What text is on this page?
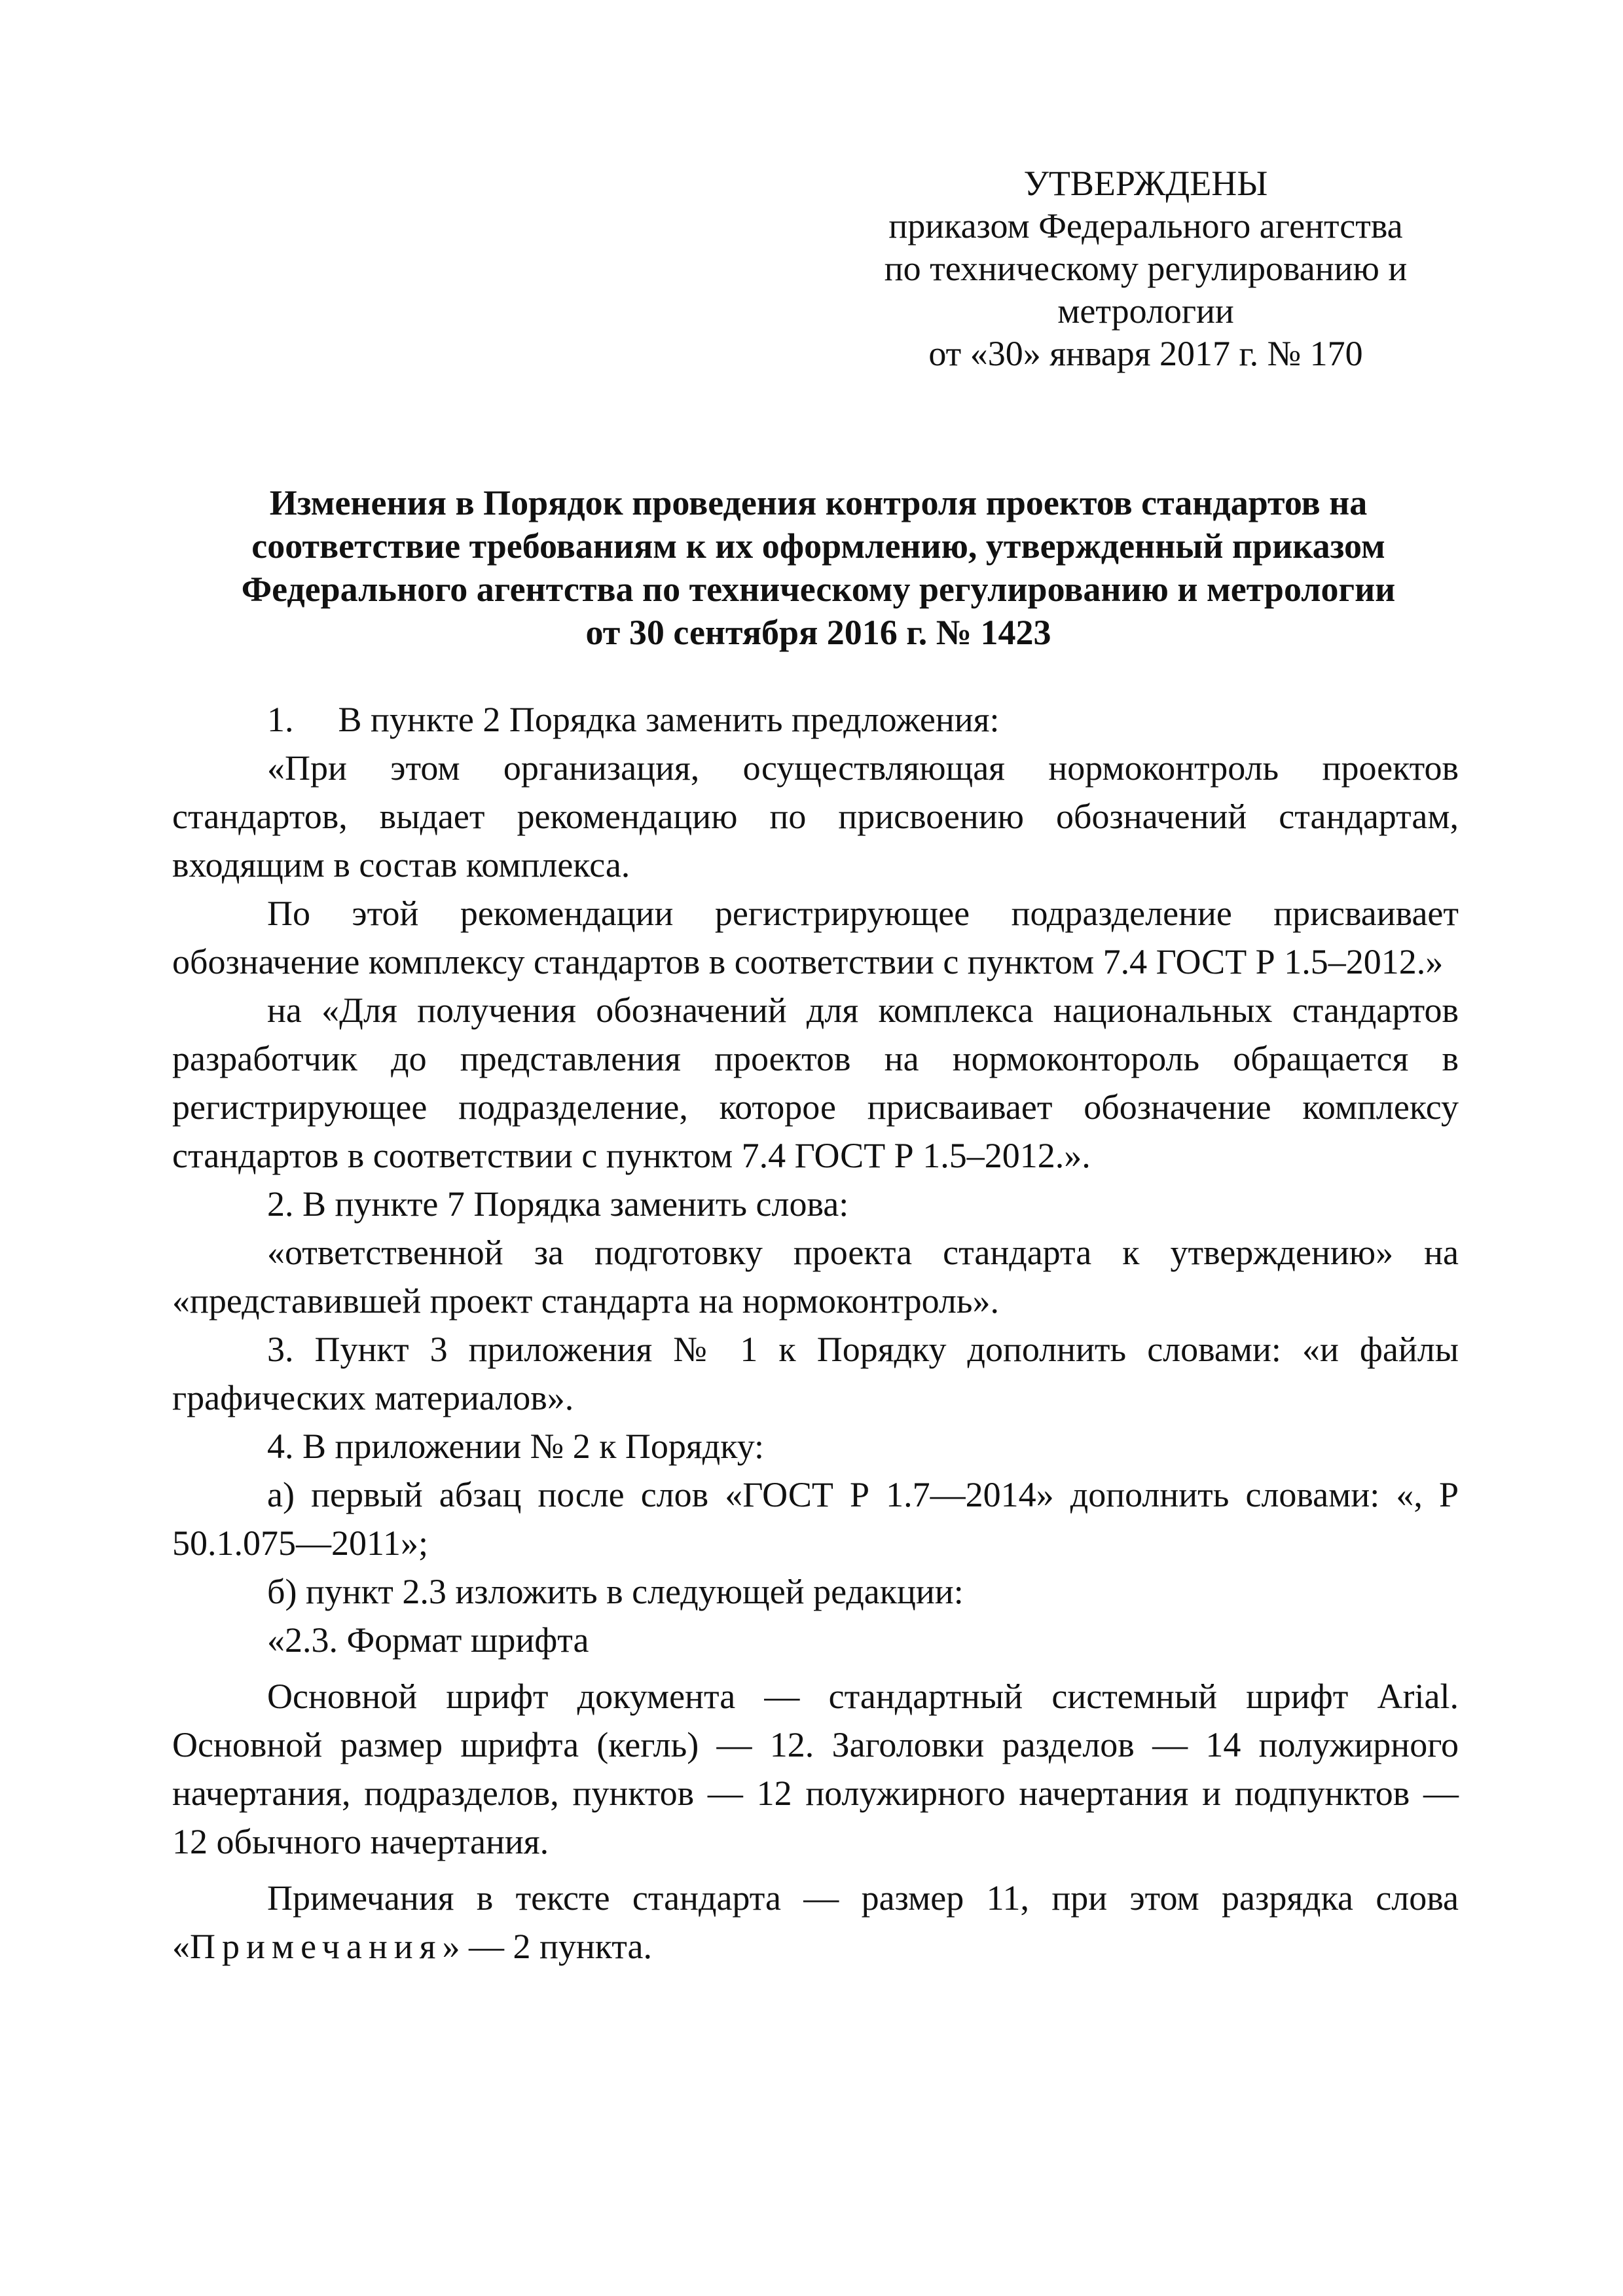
УТВЕРЖДЕНЫ
приказом Федерального агентства
по техническому регулированию и
метрологии
от «30» января 2017 г. № 170
Изменения в Порядок проведения контроля проектов стандартов на
соответствие требованиям к их оформлению, утвержденный приказом
Федерального агентства по техническому регулированию и метрологии
от 30 сентября 2016 г. № 1423
1. В пункте 2 Порядка заменить предложения:
«При этом организация, осуществляющая нормоконтроль проектов стандартов, выдает рекомендацию по присвоению обозначений стандартам, входящим в состав комплекса.
По этой рекомендации регистрирующее подразделение присваивает обозначение комплексу стандартов в соответствии с пунктом 7.4 ГОСТ Р 1.5–2012.»
на «Для получения обозначений для комплекса национальных стандартов разработчик до представления проектов на нормоконтороль обращается в регистрирующее подразделение, которое присваивает обозначение комплексу стандартов в соответствии с пунктом 7.4 ГОСТ Р 1.5–2012.».
2. В пункте 7 Порядка заменить слова:
«ответственной за подготовку проекта стандарта к утверждению» на «представившей проект стандарта на нормоконтроль».
3. Пункт 3 приложения № 1 к Порядку дополнить словами: «и файлы графических материалов».
4. В приложении № 2 к Порядку:
а) первый абзац после слов «ГОСТ Р 1.7—2014» дополнить словами: «, Р 50.1.075—2011»;
б) пункт 2.3 изложить в следующей редакции:
«2.3. Формат шрифта
Основной шрифт документа — стандартный системный шрифт Arial. Основной размер шрифта (кегль) — 12. Заголовки разделов — 14 полужирного начертания, подразделов, пунктов — 12 полужирного начертания и подпунктов — 12 обычного начертания.
Примечания в тексте стандарта — размер 11, при этом разрядка слова «Примечания» — 2 пункта.
